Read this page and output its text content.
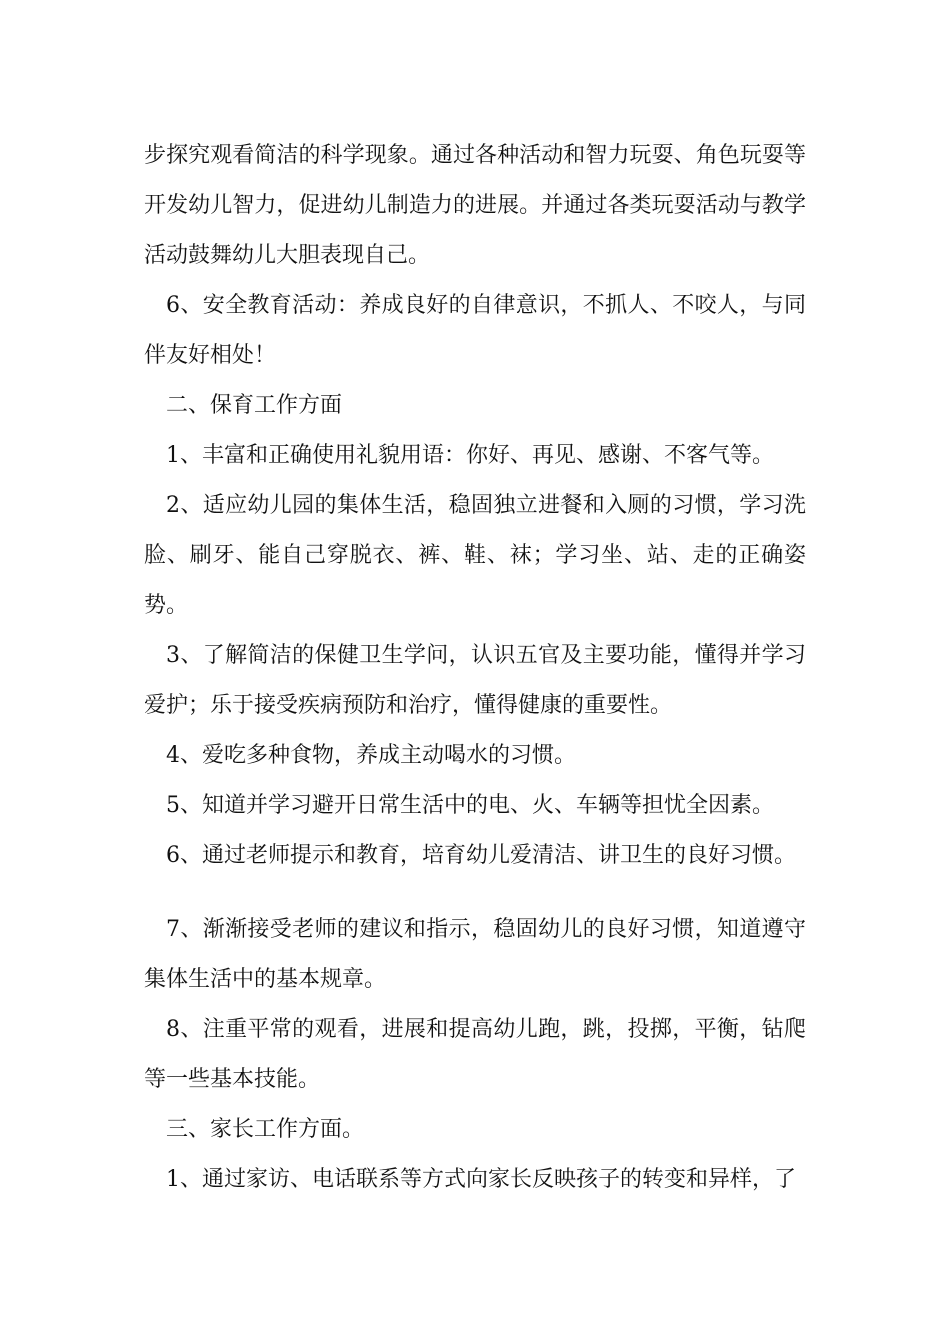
步探究观看简洁的科学现象。通过各种活动和智力玩耍、角色玩耍等开发幼儿智力，促进幼儿制造力的进展。并通过各类玩耍活动与教学活动鼓舞幼儿大胆表现自己。

6、安全教育活动：养成良好的自律意识，不抓人、不咬人，与同伴友好相处！

二、保育工作方面

1、丰富和正确使用礼貌用语：你好、再见、感谢、不客气等。

2、适应幼儿园的集体生活，稳固独立进餐和入厕的习惯，学习洗脸、刷牙、能自己穿脱衣、裤、鞋、袜；学习坐、站、走的正确姿势。

3、了解简洁的保健卫生学问，认识五官及主要功能，懂得并学习爱护；乐于接受疾病预防和治疗，懂得健康的重要性。

4、爱吃多种食物，养成主动喝水的习惯。

5、知道并学习避开日常生活中的电、火、车辆等担忧全因素。

6、通过老师提示和教育，培育幼儿爱清洁、讲卫生的良好习惯。

7、渐渐接受老师的建议和指示，稳固幼儿的良好习惯，知道遵守集体生活中的基本规章。

8、注重平常的观看，进展和提高幼儿跑，跳，投掷，平衡，钻爬等一些基本技能。

三、家长工作方面。

1、通过家访、电话联系等方式向家长反映孩子的转变和异样，了
